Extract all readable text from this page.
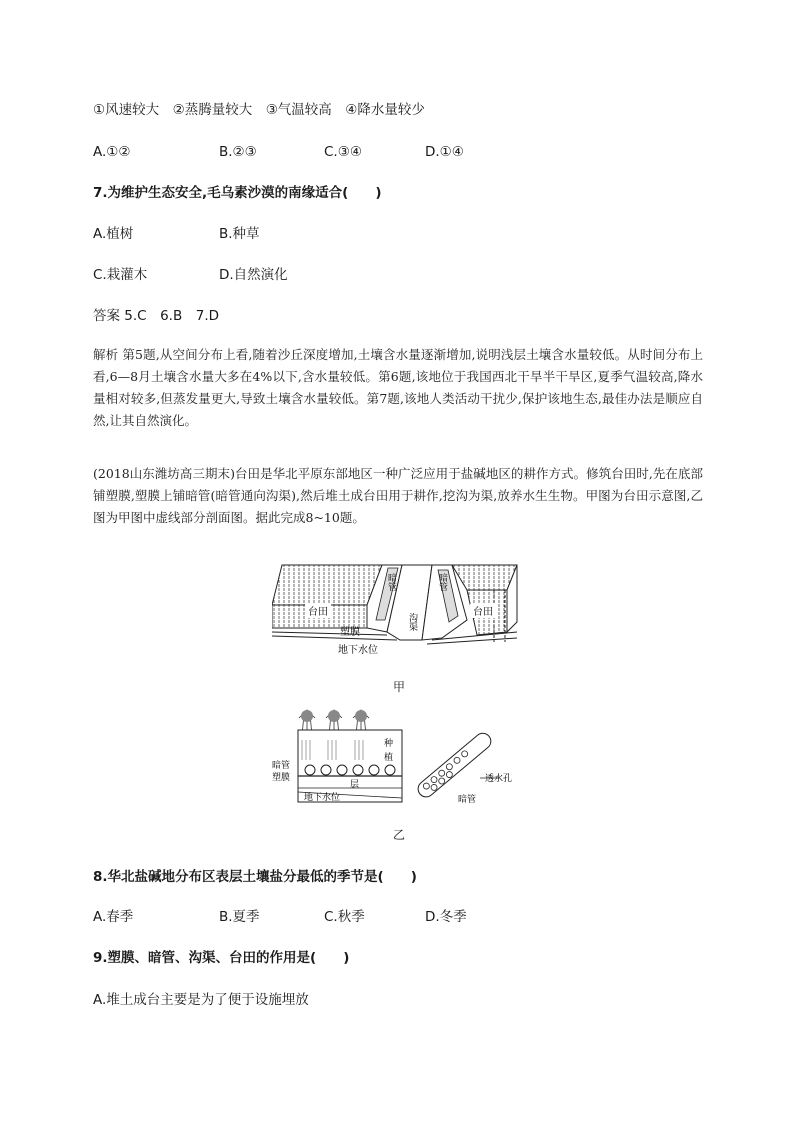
①风速较大　②蒸腾量较大　③气温较高　④降水量较少
A.①②	B.②③	C.③④	D.①④
7.为维护生态安全,毛乌素沙漠的南缘适合(　　)
A.植树	B.种草
C.栽灌木	D.自然演化
答案 5.C　6.B　7.D
解析 第5题,从空间分布上看,随着沙丘深度增加,土壤含水量逐渐增加,说明浅层土壤含水量较低。从时间分布上看,6—8月土壤含水量大多在4%以下,含水量较低。第6题,该地位于我国西北干旱半干旱区,夏季气温较高,降水量相对较多,但蒸发量更大,导致土壤含水量较低。第7题,该地人类活动干扰少,保护该地生态,最佳办法是顺应自然,让其自然演化。
(2018山东潍坊高三期末)台田是华北平原东部地区一种广泛应用于盐碱地区的耕作方式。修筑台田时,先在底部铺塑膜,塑膜上铺暗管(暗管通向沟渠),然后堆土成台田用于耕作,挖沟为渠,放养水生生物。甲图为台田示意图,乙图为甲图中虚线部分剖面图。据此完成8~10题。
台田
暗管
沟渠
暗管
台田
塑膜
地下水位
甲
种
植
层
地下水位
暗管
塑膜	透水孔
暗管
乙
8.华北盐碱地分布区表层土壤盐分最低的季节是(　　)
A.春季	B.夏季	C.秋季	D.冬季
9.塑膜、暗管、沟渠、台田的作用是(　　)
A.堆土成台主要是为了便于设施埋放
